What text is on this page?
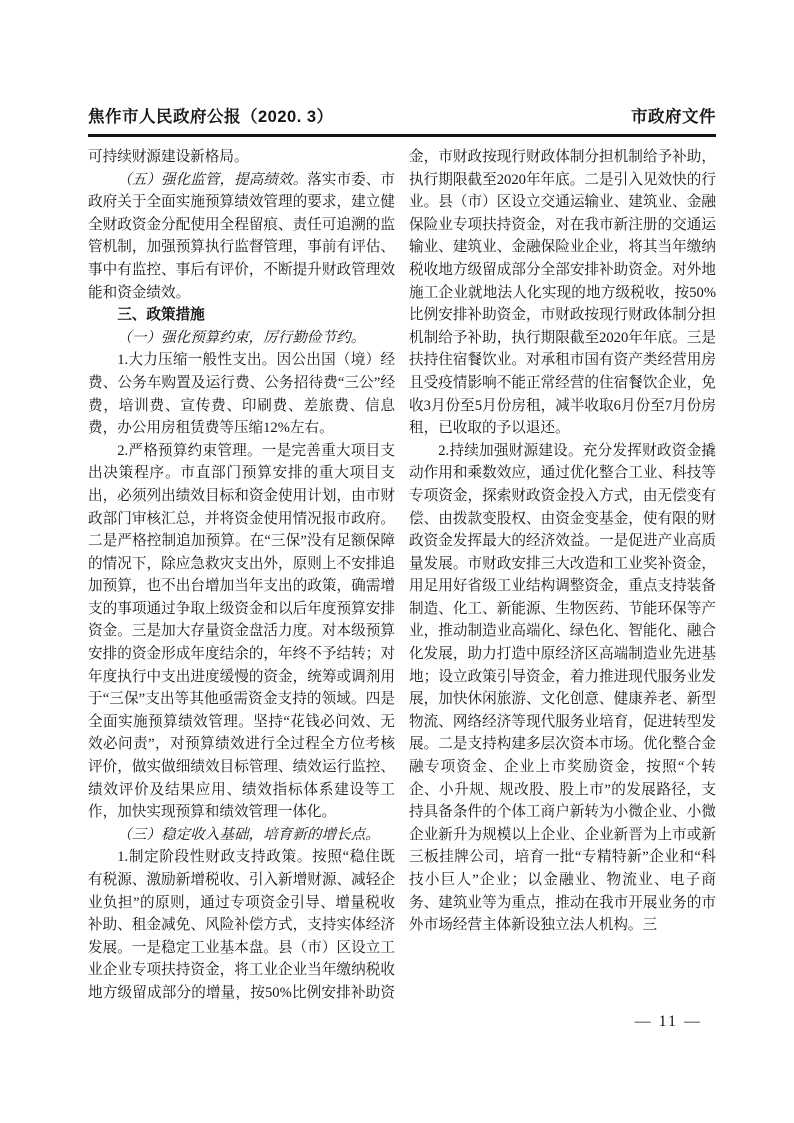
焦作市人民政府公报（2020. 3）	市政府文件

可持续财源建设新格局。

（五）强化监管，提高绩效。落实市委、市政府关于全面实施预算绩效管理的要求，建立健全财政资金分配使用全程留痕、责任可追溯的监管机制，加强预算执行监督管理，事前有评估、事中有监控、事后有评价，不断提升财政管理效能和资金绩效。

三、政策措施

（一）强化预算约束，厉行勤俭节约。

1.大力压缩一般性支出。因公出国（境）经费、公务车购置及运行费、公务招待费“三公”经费，培训费、宣传费、印刷费、差旅费、信息费，办公用房租赁费等压缩12%左右。

2.严格预算约束管理。一是完善重大项目支出决策程序。市直部门预算安排的重大项目支出，必须列出绩效目标和资金使用计划，由市财政部门审核汇总，并将资金使用情况报市政府。二是严格控制追加预算。在“三保”没有足额保障的情况下，除应急救灾支出外，原则上不安排追加预算，也不出台增加当年支出的政策，确需增支的事项通过争取上级资金和以后年度预算安排资金。三是加大存量资金盘活力度。对本级预算安排的资金形成年度结余的，年终不予结转；对年度执行中支出进度缓慢的资金，统筹或调剂用于“三保”支出等其他亟需资金支持的领域。四是全面实施预算绩效管理。坚持“花钱必问效、无效必问责”，对预算绩效进行全过程全方位考核评价，做实做细绩效目标管理、绩效运行监控、绩效评价及结果应用、绩效指标体系建设等工作，加快实现预算和绩效管理一体化。

（三）稳定收入基础，培育新的增长点。

1.制定阶段性财政支持政策。按照“稳住既有税源、激励新增税收、引入新增财源、减轻企业负担”的原则，通过专项资金引导、增量税收补助、租金减免、风险补偿方式，支持实体经济发展。一是稳定工业基本盘。县（市）区设立工业企业专项扶持资金，将工业企业当年缴纳税收地方级留成部分的增量，按50%比例安排补助资金，市财政按现行财政体制分担机制给予补助，执行期限截至2020年年底。二是引入见效快的行业。县（市）区设立交通运输业、建筑业、金融保险业专项扶持资金，对在我市新注册的交通运输业、建筑业、金融保险业企业，将其当年缴纳税收地方级留成部分全部安排补助资金。对外地施工企业就地法人化实现的地方级税收，按50%比例安排补助资金，市财政按现行财政体制分担机制给予补助，执行期限截至2020年年底。三是扶持住宿餐饮业。对承租市国有资产类经营用房且受疫情影响不能正常经营的住宿餐饮企业，免收3月份至5月份房租，减半收取6月份至7月份房租，已收取的予以退还。

2.持续加强财源建设。充分发挥财政资金撬动作用和乘数效应，通过优化整合工业、科技等专项资金，探索财政资金投入方式，由无偿变有偿、由拨款变股权、由资金变基金，使有限的财政资金发挥最大的经济效益。一是促进产业高质量发展。市财政安排三大改造和工业奖补资金，用足用好省级工业结构调整资金，重点支持装备制造、化工、新能源、生物医药、节能环保等产业，推动制造业高端化、绿色化、智能化、融合化发展，助力打造中原经济区高端制造业先进基地；设立政策引导资金，着力推进现代服务业发展，加快休闲旅游、文化创意、健康养老、新型物流、网络经济等现代服务业培育，促进转型发展。二是支持构建多层次资本市场。优化整合金融专项资金、企业上市奖励资金，按照“个转企、小升规、规改股、股上市”的发展路径，支持具备条件的个体工商户新转为小微企业、小微企业新升为规模以上企业、企业新晋为上市或新三板挂牌公司，培育一批“专精特新”企业和“科技小巨人”企业；以金融业、物流业、电子商务、建筑业等为重点，推动在我市开展业务的市外市场经营主体新设独立法人机构。三

— 11 —
